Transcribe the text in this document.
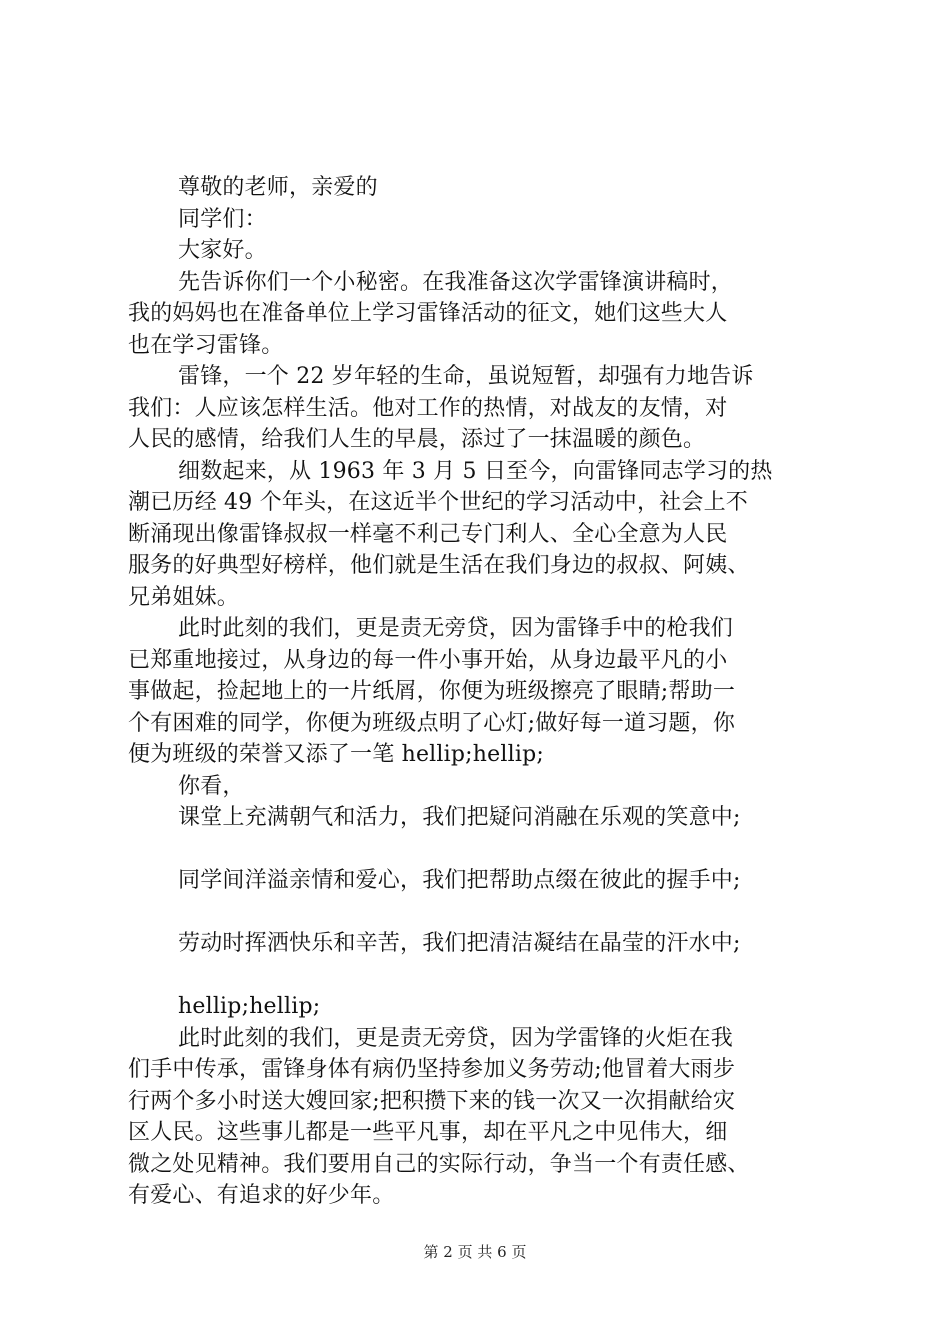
尊敬的老师，亲爱的
同学们：
大家好。
先告诉你们一个小秘密。在我准备这次学雷锋演讲稿时，
我的妈妈也在准备单位上学习雷锋活动的征文，她们这些大人
也在学习雷锋。
雷锋，一个 22 岁年轻的生命，虽说短暂，却强有力地告诉
我们：人应该怎样生活。他对工作的热情，对战友的友情，对
人民的感情，给我们人生的早晨，添过了一抹温暖的颜色。
细数起来，从 1963 年 3 月 5 日至今，向雷锋同志学习的热
潮已历经 49 个年头，在这近半个世纪的学习活动中，社会上不
断涌现出像雷锋叔叔一样毫不利己专门利人、全心全意为人民
服务的好典型好榜样，他们就是生活在我们身边的叔叔、阿姨、
兄弟姐妹。
此时此刻的我们，更是责无旁贷，因为雷锋手中的枪我们
已郑重地接过，从身边的每一件小事开始，从身边最平凡的小
事做起，捡起地上的一片纸屑，你便为班级擦亮了眼睛;帮助一
个有困难的同学，你便为班级点明了心灯;做好每一道习题，你
便为班级的荣誉又添了一笔 hellip;hellip;
你看，
课堂上充满朝气和活力，我们把疑问消融在乐观的笑意中;
同学间洋溢亲情和爱心，我们把帮助点缀在彼此的握手中;
劳动时挥洒快乐和辛苦，我们把清洁凝结在晶莹的汗水中;
hellip;hellip;
此时此刻的我们，更是责无旁贷，因为学雷锋的火炬在我
们手中传承，雷锋身体有病仍坚持参加义务劳动;他冒着大雨步
行两个多小时送大嫂回家;把积攒下来的钱一次又一次捐献给灾
区人民。这些事儿都是一些平凡事，却在平凡之中见伟大，细
微之处见精神。我们要用自己的实际行动，争当一个有责任感、
有爱心、有追求的好少年。
第 2 页 共 6 页
